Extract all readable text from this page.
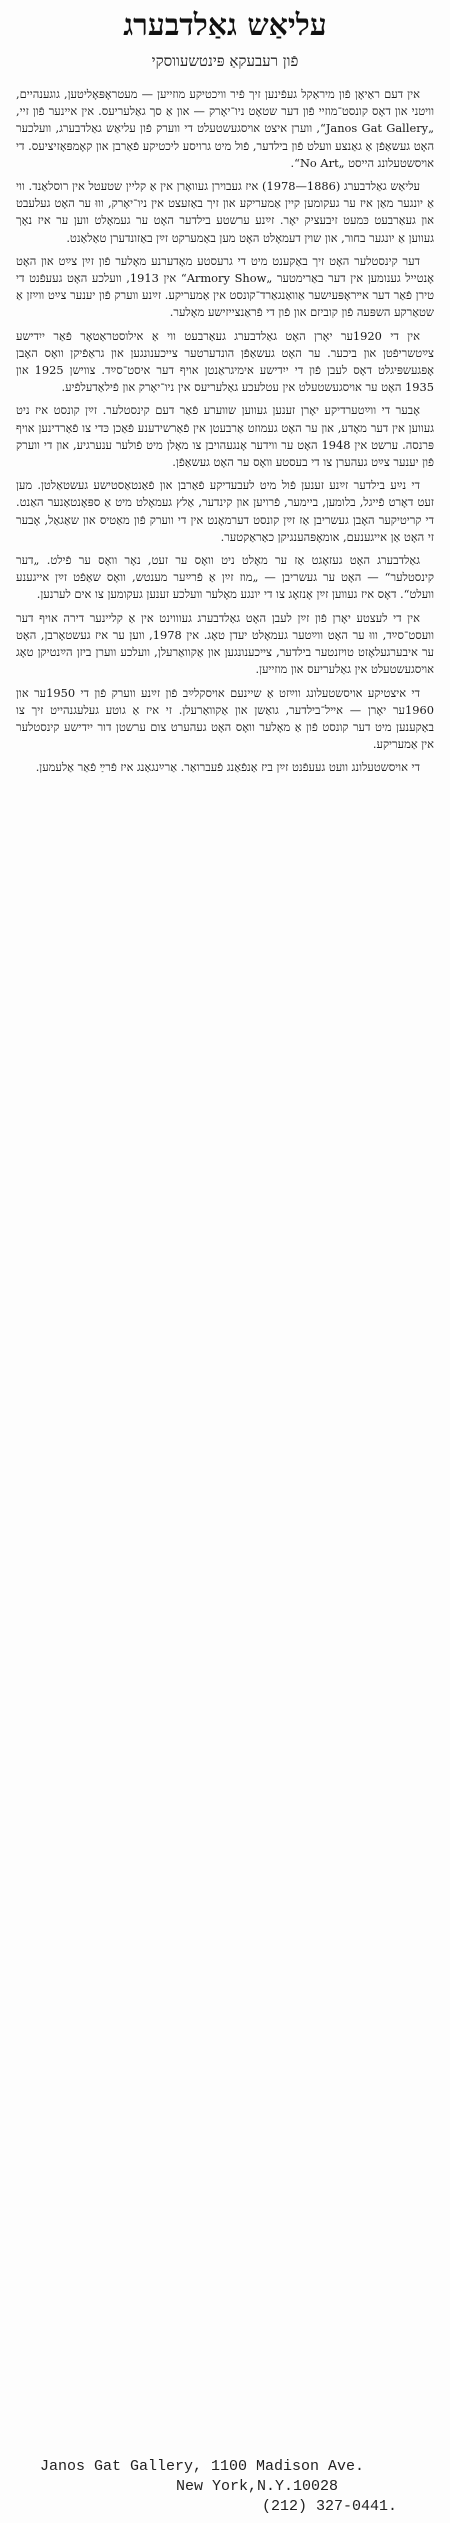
עליאַש גאַלדבערג
פֿון רעבעקאַ פּינטשעווסקי

אין דעם ראַיאָן פֿון מיראַקל געפֿינען זיך פֿיר וויכטיקע מוזייען — מעטראָפּאָליטען, גוגענהיים, וויטני און דאָס קונסט־מוזיי פֿון דער שטאָט ניו־יאָרק — און אַ סך גאַלעריעס. אין איינער פֿון זיי, „Janos Gat Gallery“, ווערן איצט אויסגעשטעלט די ווערק פֿון עליאַש גאַלדבערג, וועלכער האָט געשאַפֿן אַ גאַנצע וועלט פֿון בילדער, פֿול מיט גרויסע ליכטיקע פֿאַרבן און קאָמפּאָזיציעס. די אויסשטעלונג הייסט „No Art“.

עליאַש גאַלדבערג (1886—1978) איז געבוירן געוואָרן אין אַ קליין שטעטל אין רוסלאַנד. ווי אַ יונגער מאַן איז ער געקומען קיין אַמעריקע און זיך באַזעצט אין ניו־יאָרק, וווּ ער האָט געלעבט און געאַרבעט כּמעט זיבעציק יאָר. זײַנע ערשטע בילדער האָט ער געמאָלט ווען ער איז נאָך געווען אַ יונגער בחור, און שוין דעמאָלט האָט מען באַמערקט זײַן באַזונדערן טאַלאַנט.

דער קינסטלער האָט זיך באַקענט מיט די גרעסטע מאָדערנע מאָלער פֿון זײַן צײַט און האָט אָנטייל גענומען אין דער באַרימטער „Armory Show“ אין 1913, וועלכע האָט געעפֿנט די טירן פֿאַר דער אײראָפּעיִשער אַוואַנגאַרד־קונסט אין אַמעריקע. זײַנע ווערק פֿון יענער צײַט ווײַזן אַ שטאַרקע השפּעה פֿון קוביזם און פֿון די פֿראַנצייזישע מאָלער.

אין די 1920ער יאָרן האָט גאַלדבערג געאַרבעט ווי אַ אילוסטראַטאָר פֿאַר ייִדישע צײַטשריפֿטן און ביכער. ער האָט געשאַפֿן הונדערטער צייכענונגען און גראַפֿיקן וואָס האָבן אָפּגעשפּיגלט דאָס לעבן פֿון די ייִדישע אימיגראַנטן אויף דער איסט־סײַד. צווישן 1925 און 1935 האָט ער אויסגעשטעלט אין עטלעכע גאַלעריעס אין ניו־יאָרק און פֿילאַדעלפֿיע.

אָבער די ווײַטערדיקע יאָרן זענען געווען שווערע פֿאַר דעם קינסטלער. זײַן קונסט איז ניט געווען אין דער מאָדע, און ער האָט געמוזט אַרבעטן אין פֿאַרשידענע פֿאַכן כּדי צו פֿאַרדינען אויף פּרנסה. ערשט אין 1948 האָט ער ווידער אָנגעהויבן צו מאָלן מיט פֿולער ענערגיע, און די ווערק פֿון יענער צײַט געהערן צו די בעסטע וואָס ער האָט געשאַפֿן.

די נײַע בילדער זײַנע זענען פֿול מיט לעבעדיקע פֿאַרבן און פֿאַנטאַסטישע געשטאַלטן. מען זעט דאָרט פֿייגל, בלומען, ביימער, פֿרויען און קינדער, אַלץ געמאָלט מיט אַ ספּאָנטאַנער האַנט. די קריטיקער האָבן געשריבן אַז זײַן קונסט דערמאָנט אין די ווערק פֿון מאַטיס און שאַגאַל, אָבער זי האָט אַן אייגענעם, אומאָפּהענגיקן כאַראַקטער.

גאַלדבערג האָט געזאָגט אַז ער מאָלט ניט וואָס ער זעט, נאָר וואָס ער פֿילט. „דער קינסטלער“ — האָט ער געשריבן — „מוז זײַן אַ פֿרײַער מענטש, וואָס שאַפֿט זײַן אייגענע וועלט“. דאָס איז געווען זײַן אָנזאָג צו די יונגע מאָלער וועלכע זענען געקומען צו אים לערנען.

אין די לעצטע יאָרן פֿון זײַן לעבן האָט גאַלדבערג געוווינט אין אַ קליינער דירה אויף דער וועסט־סײַד, וווּ ער האָט ווײַטער געמאָלט יעדן טאָג. אין 1978, ווען ער איז געשטאָרבן, האָט ער איבערגעלאָזט טויזנטער בילדער, צייכענונגען און אַקוואַרעלן, וועלכע ווערן ביזן הײַנטיקן טאָג אויסגעשטעלט אין גאַלעריעס און מוזייען.

די איצטיקע אויסשטעלונג ווײַזט אַ שיינעם אויסקלײַב פֿון זײַנע ווערק פֿון די 1950ער און 1960ער יאָרן — אייל־בילדער, גואַשן און אַקוואַרעלן. זי איז אַ גוטע געלעגנהייט זיך צו באַקענען מיט דער קונסט פֿון אַ מאָלער וואָס האָט געהערט צום ערשטן דור ייִדישע קינסטלער אין אַמעריקע.

די אויסשטעלונג וועט געעפֿנט זײַן ביז אַנפֿאַנג פֿעברואַר. אַרײַנגאַנג איז פֿרײַ פֿאַר אַלעמען.

Janos Gat Gallery, 1100 Madison Ave.
New York,N.Y.10028
(212) 327-0441.
